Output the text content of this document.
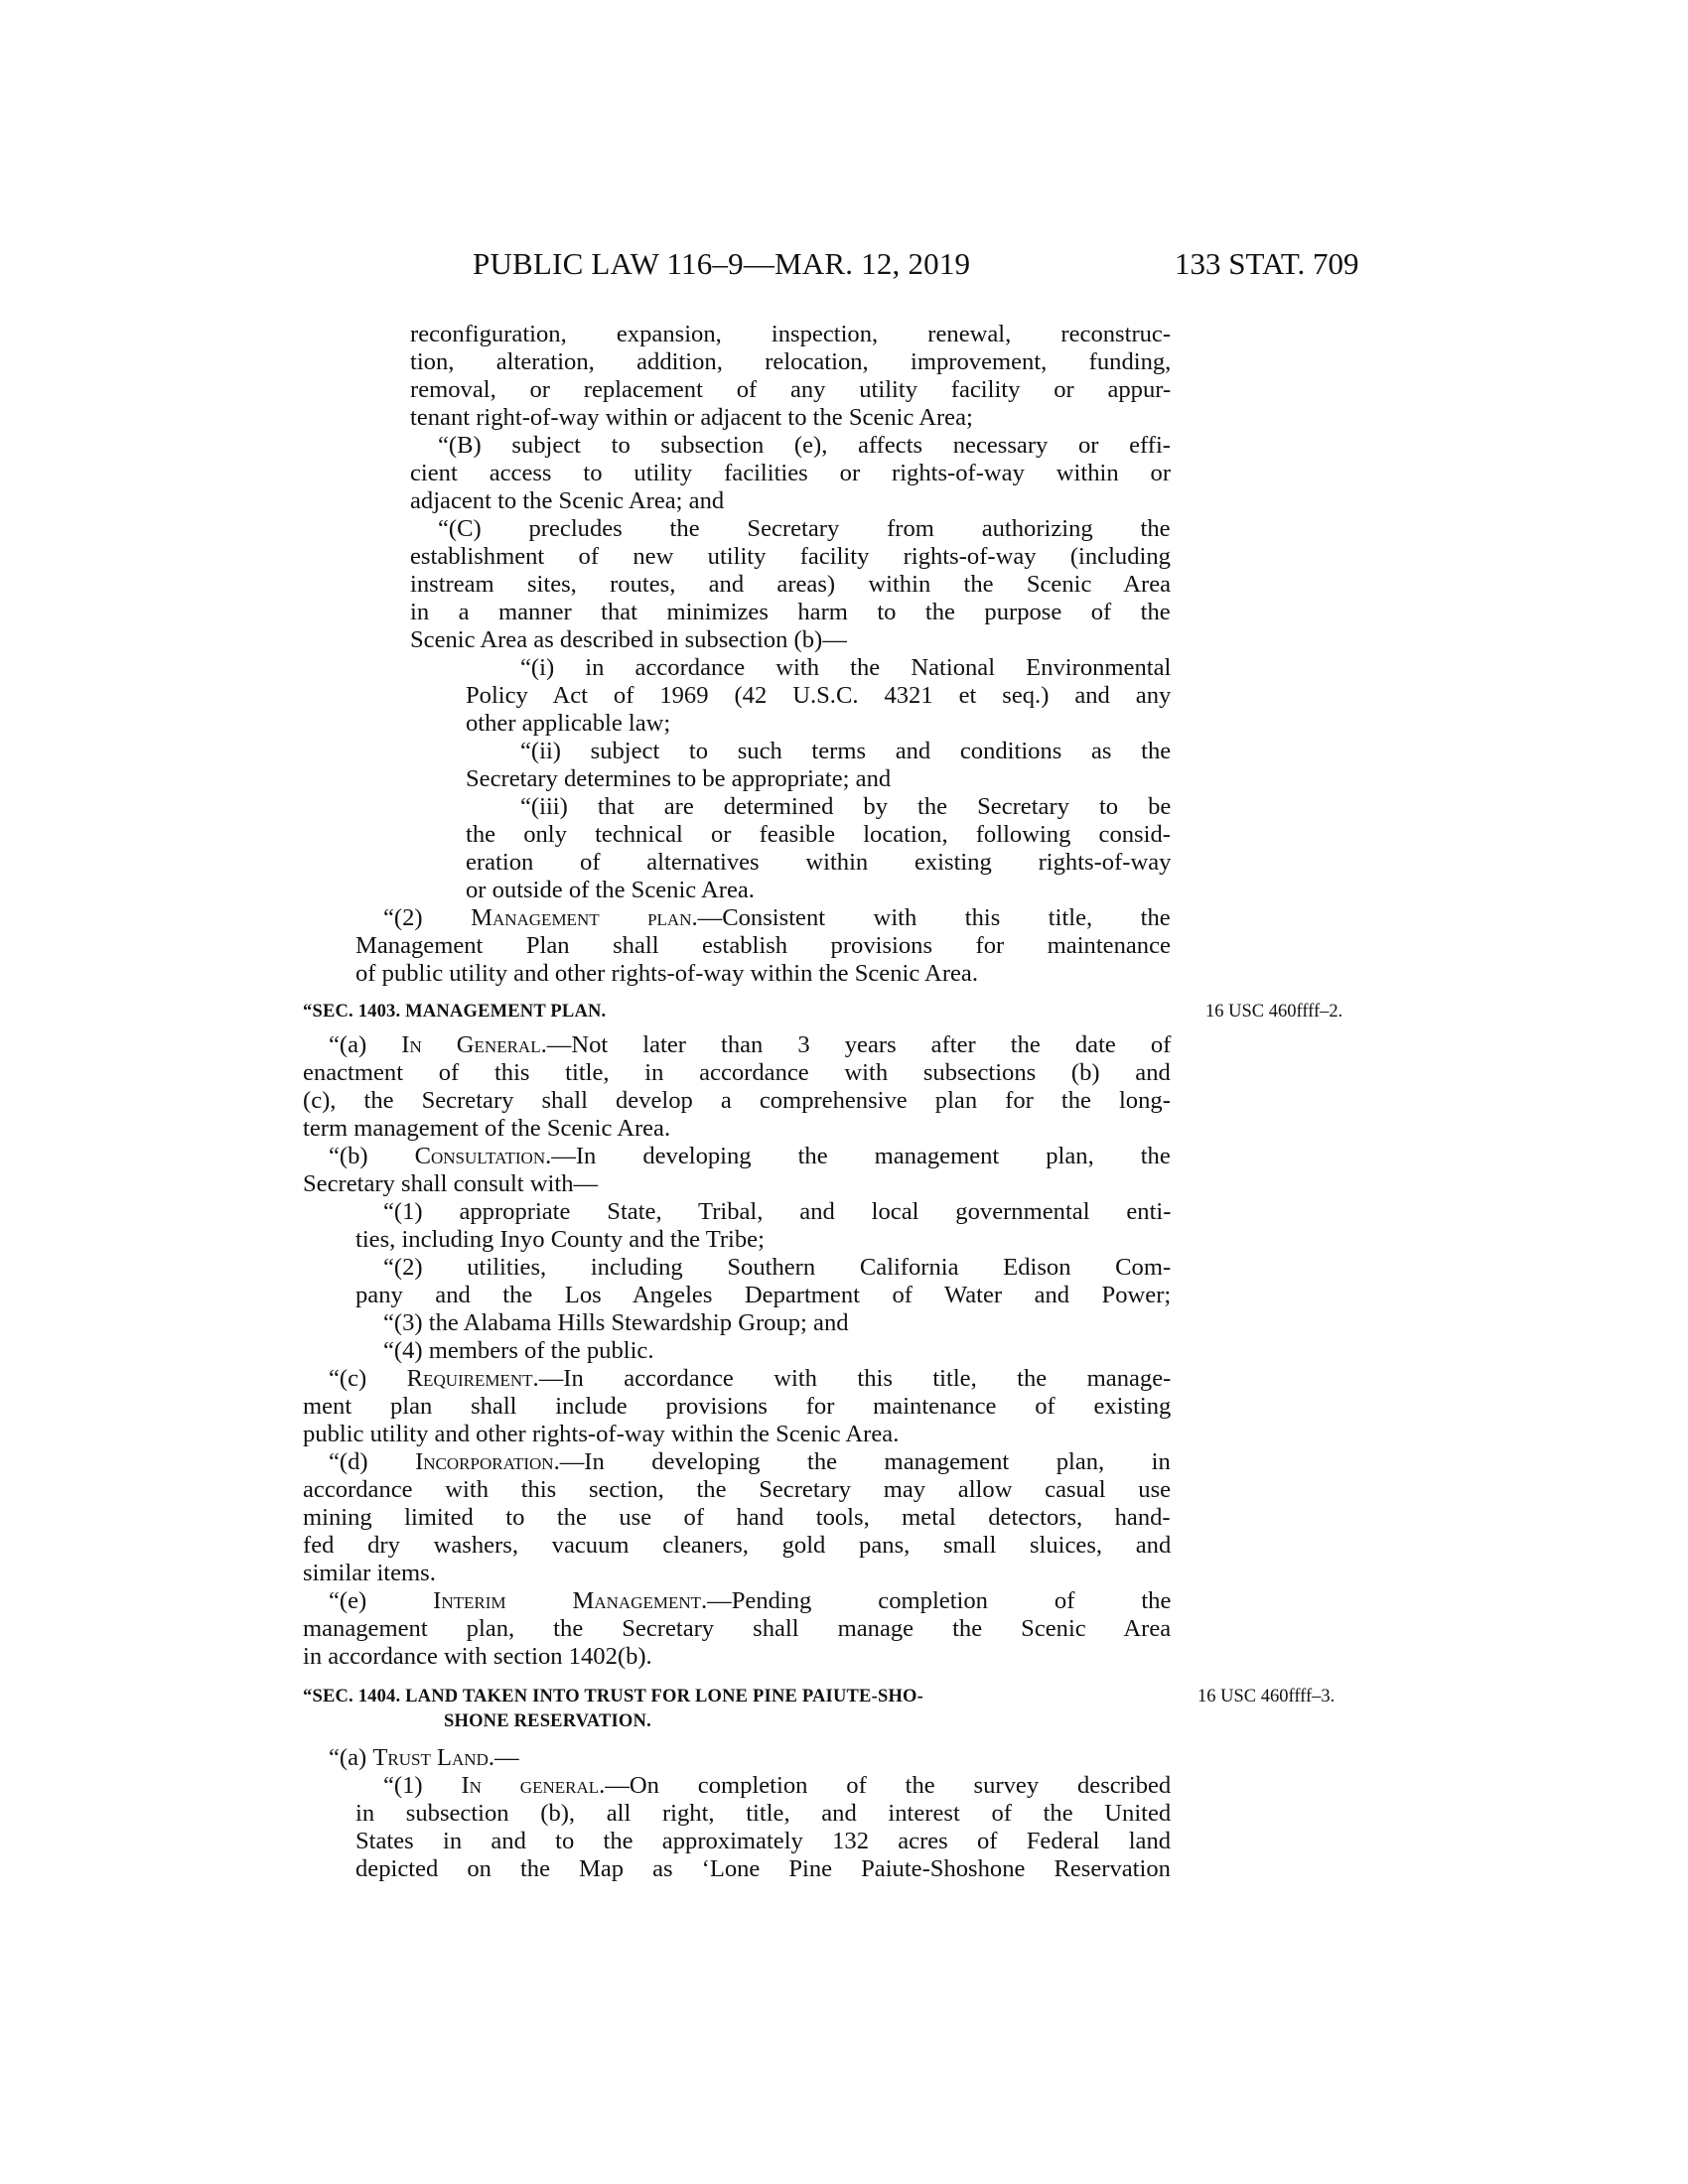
PUBLIC LAW 116–9—MAR. 12, 2019	133 STAT. 709
reconfiguration, expansion, inspection, renewal, reconstruc-
tion, alteration, addition, relocation, improvement, funding,
removal, or replacement of any utility facility or appur-
tenant right-of-way within or adjacent to the Scenic Area;
“(B) subject to subsection (e), affects necessary or effi-
cient access to utility facilities or rights-of-way within or
adjacent to the Scenic Area; and
“(C) precludes the Secretary from authorizing the
establishment of new utility facility rights-of-way (including
instream sites, routes, and areas) within the Scenic Area
in a manner that minimizes harm to the purpose of the
Scenic Area as described in subsection (b)—
“(i) in accordance with the National Environmental
Policy Act of 1969 (42 U.S.C. 4321 et seq.) and any
other applicable law;
“(ii) subject to such terms and conditions as the
Secretary determines to be appropriate; and
“(iii) that are determined by the Secretary to be
the only technical or feasible location, following consid-
eration of alternatives within existing rights-of-way
or outside of the Scenic Area.
“(2) Management plan.—Consistent with this title, the
Management Plan shall establish provisions for maintenance
of public utility and other rights-of-way within the Scenic Area.
“SEC. 1403. MANAGEMENT PLAN.	16 USC 460ffff–2.
“(a) In General.—Not later than 3 years after the date of
enactment of this title, in accordance with subsections (b) and
(c), the Secretary shall develop a comprehensive plan for the long-
term management of the Scenic Area.
“(b) Consultation.—In developing the management plan, the
Secretary shall consult with—
“(1) appropriate State, Tribal, and local governmental enti-
ties, including Inyo County and the Tribe;
“(2) utilities, including Southern California Edison Com-
pany and the Los Angeles Department of Water and Power;
“(3) the Alabama Hills Stewardship Group; and
“(4) members of the public.
“(c) Requirement.—In accordance with this title, the manage-
ment plan shall include provisions for maintenance of existing
public utility and other rights-of-way within the Scenic Area.
“(d) Incorporation.—In developing the management plan, in
accordance with this section, the Secretary may allow casual use
mining limited to the use of hand tools, metal detectors, hand-
fed dry washers, vacuum cleaners, gold pans, small sluices, and
similar items.
“(e) Interim Management.—Pending completion of the
management plan, the Secretary shall manage the Scenic Area
in accordance with section 1402(b).
“SEC. 1404. LAND TAKEN INTO TRUST FOR LONE PINE PAIUTE-SHO-
SHONE RESERVATION.
16 USC 460ffff–3.
“(a) Trust Land.—
“(1) In general.—On completion of the survey described
in subsection (b), all right, title, and interest of the United
States in and to the approximately 132 acres of Federal land
depicted on the Map as ‘Lone Pine Paiute-Shoshone Reservation
